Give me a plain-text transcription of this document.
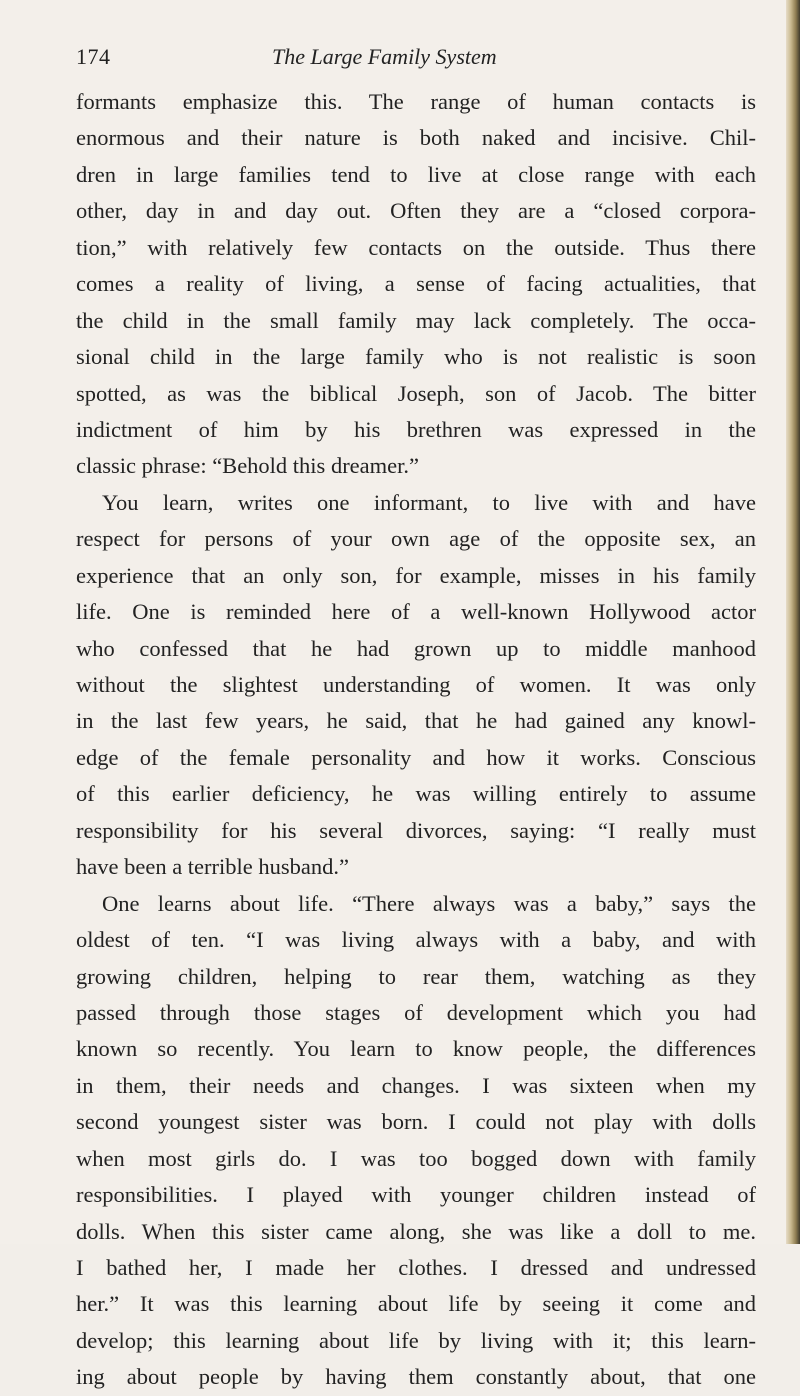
174	The Large Family System
formants emphasize this. The range of human contacts is
enormous and their nature is both naked and incisive. Chil-
dren in large families tend to live at close range with each
other, day in and day out. Often they are a “closed corpora-
tion,” with relatively few contacts on the outside. Thus there
comes a reality of living, a sense of facing actualities, that
the child in the small family may lack completely. The occa-
sional child in the large family who is not realistic is soon
spotted, as was the biblical Joseph, son of Jacob. The bitter
indictment of him by his brethren was expressed in the
classic phrase: “Behold this dreamer.”
You learn, writes one informant, to live with and have
respect for persons of your own age of the opposite sex, an
experience that an only son, for example, misses in his family
life. One is reminded here of a well-known Hollywood actor
who confessed that he had grown up to middle manhood
without the slightest understanding of women. It was only
in the last few years, he said, that he had gained any knowl-
edge of the female personality and how it works. Conscious
of this earlier deficiency, he was willing entirely to assume
responsibility for his several divorces, saying: “I really must
have been a terrible husband.”
One learns about life. “There always was a baby,” says the
oldest of ten. “I was living always with a baby, and with
growing children, helping to rear them, watching as they
passed through those stages of development which you had
known so recently. You learn to know people, the differences
in them, their needs and changes. I was sixteen when my
second youngest sister was born. I could not play with dolls
when most girls do. I was too bogged down with family
responsibilities. I played with younger children instead of
dolls. When this sister came along, she was like a doll to me.
I bathed her, I made her clothes. I dressed and undressed
her.” It was this learning about life by seeing it come and
develop; this learning about life by living with it; this learn-
ing about people by having them constantly about, that one
